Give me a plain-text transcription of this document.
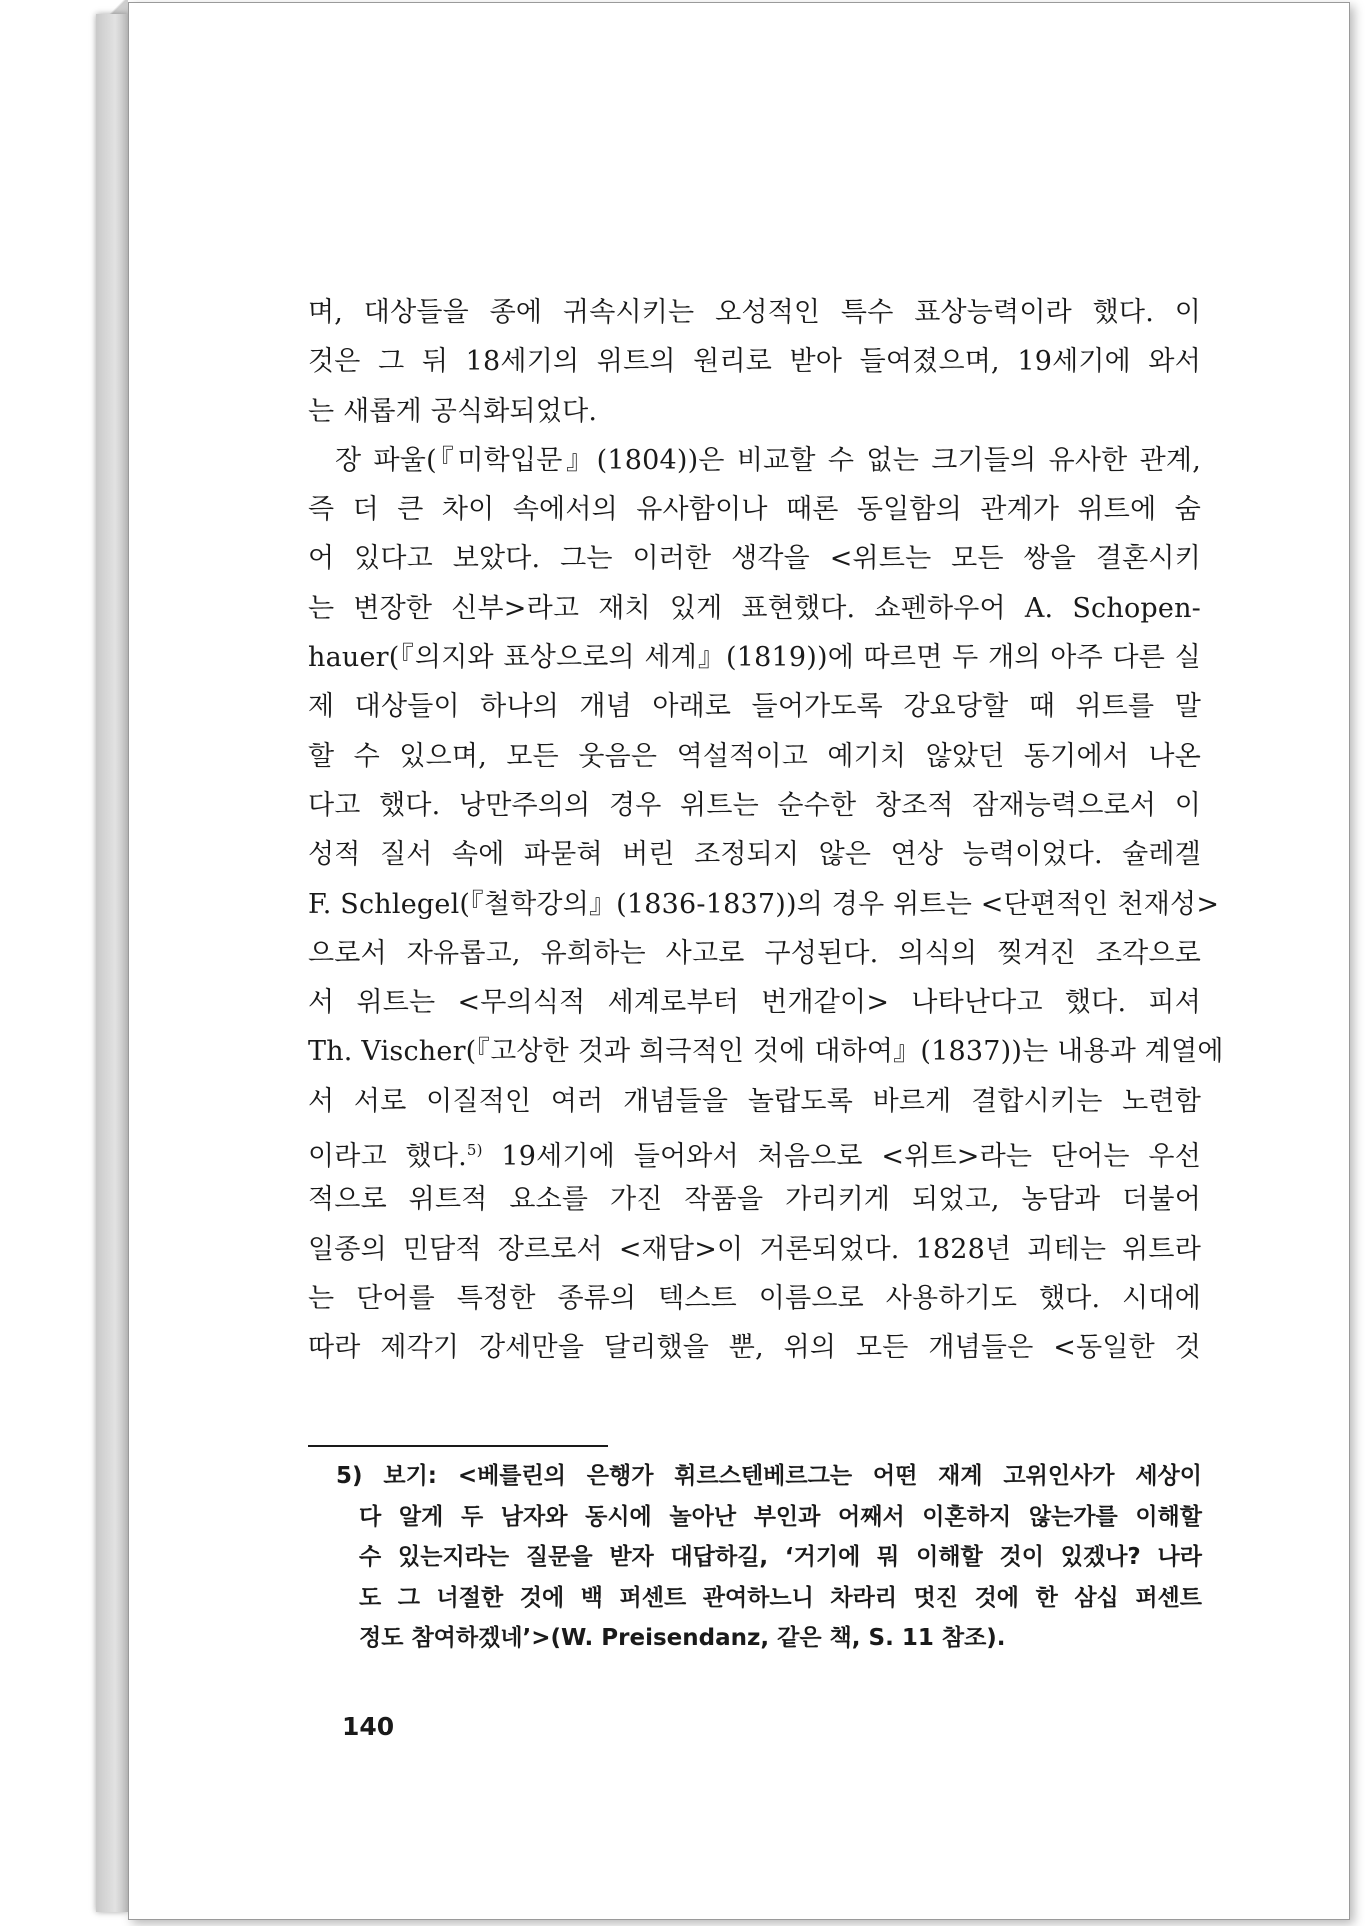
며, 대상들을 종에 귀속시키는 오성적인 특수 표상능력이라 했다. 이
것은 그 뒤 18세기의 위트의 원리로 받아 들여졌으며, 19세기에 와서
는 새롭게 공식화되었다.
장 파울(『미학입문』(1804))은 비교할 수 없는 크기들의 유사한 관계,
즉 더 큰 차이 속에서의 유사함이나 때론 동일함의 관계가 위트에 숨
어 있다고 보았다. 그는 이러한 생각을 <위트는 모든 쌍을 결혼시키
는 변장한 신부>라고 재치 있게 표현했다. 쇼펜하우어 A. Schopen-
hauer(『의지와 표상으로의 세계』(1819))에 따르면 두 개의 아주 다른 실
제 대상들이 하나의 개념 아래로 들어가도록 강요당할 때 위트를 말
할 수 있으며, 모든 웃음은 역설적이고 예기치 않았던 동기에서 나온
다고 했다. 낭만주의의 경우 위트는 순수한 창조적 잠재능력으로서 이
성적 질서 속에 파묻혀 버린 조정되지 않은 연상 능력이었다. 슐레겔
F. Schlegel(『철학강의』(1836-1837))의 경우 위트는 <단편적인 천재성>
으로서 자유롭고, 유희하는 사고로 구성된다. 의식의 찢겨진 조각으로
서 위트는 <무의식적 세계로부터 번개같이> 나타난다고 했다. 피셔
Th. Vischer(『고상한 것과 희극적인 것에 대하여』(1837))는 내용과 계열에
서 서로 이질적인 여러 개념들을 놀랍도록 바르게 결합시키는 노련함
이라고 했다.$^{5)}$ 19세기에 들어와서 처음으로 <위트>라는 단어는 우선
적으로 위트적 요소를 가진 작품을 가리키게 되었고, 농담과 더불어
일종의 민담적 장르로서 <재담>이 거론되었다. 1828년 괴테는 위트라
는 단어를 특정한 종류의 텍스트 이름으로 사용하기도 했다. 시대에
따라 제각기 강세만을 달리했을 뿐, 위의 모든 개념들은 <동일한 것
5) 보기: <베를린의 은행가 휘르스텐베르그는 어떤 재계 고위인사가 세상이
다 알게 두 남자와 동시에 놀아난 부인과 어째서 이혼하지 않는가를 이해할
수 있는지라는 질문을 받자 대답하길, ‘거기에 뭐 이해할 것이 있겠나? 나라
도 그 너절한 것에 백 퍼센트 관여하느니 차라리 멋진 것에 한 삼십 퍼센트
정도 참여하겠네’>(W. Preisendanz, 같은 책, S. 11 참조).
140
